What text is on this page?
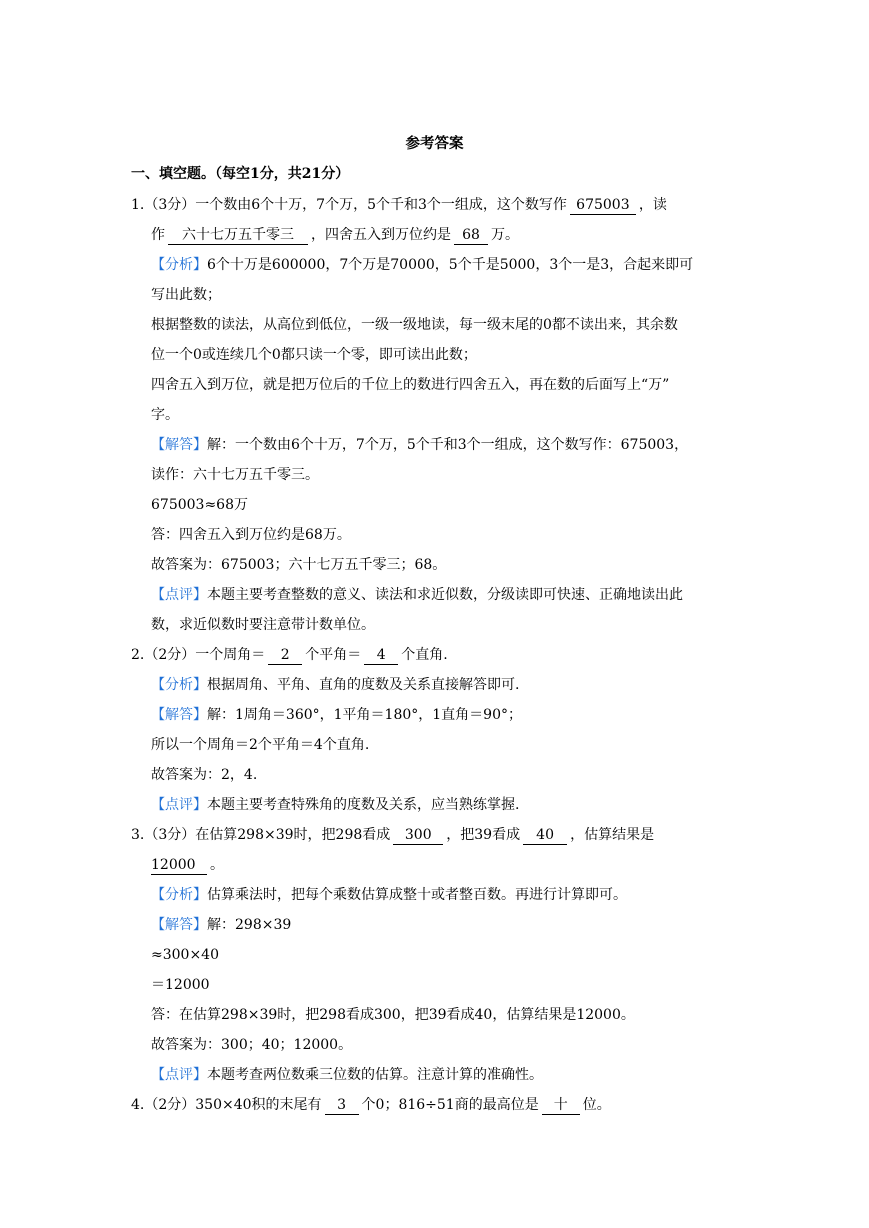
参考答案
一、填空题。（每空1分，共21分）
1.（3分）一个数由6个十万，7个万，5个千和3个一组成，这个数写作 675003 ，读
作 六十七万五千零三 ，四舍五入到万位约是 68 万。
【分析】6个十万是600000，7个万是70000，5个千是5000，3个一是3，合起来即可
写出此数；
根据整数的读法，从高位到低位，一级一级地读，每一级末尾的0都不读出来，其余数
位一个0或连续几个0都只读一个零，即可读出此数；
四舍五入到万位，就是把万位后的千位上的数进行四舍五入，再在数的后面写上“万”
字。
【解答】解：一个数由6个十万，7个万，5个千和3个一组成，这个数写作：675003，
读作：六十七万五千零三。
675003≈68万
答：四舍五入到万位约是68万。
故答案为：675003；六十七万五千零三；68。
【点评】本题主要考查整数的意义、读法和求近似数，分级读即可快速、正确地读出此
数，求近似数时要注意带计数单位。
2.（2分）一个周角＝ 2 个平角＝ 4 个直角.
【分析】根据周角、平角、直角的度数及关系直接解答即可.
【解答】解：1周角＝360°，1平角＝180°，1直角＝90°；
所以一个周角＝2个平角＝4个直角.
故答案为：2，4.
【点评】本题主要考查特殊角的度数及关系，应当熟练掌握.
3.（3分）在估算298×39时，把298看成 300 ，把39看成 40 ，估算结果是
12000 。
【分析】估算乘法时，把每个乘数估算成整十或者整百数。再进行计算即可。
【解答】解：298×39
≈300×40
＝12000
答：在估算298×39时，把298看成300，把39看成40，估算结果是12000。
故答案为：300；40；12000。
【点评】本题考查两位数乘三位数的估算。注意计算的准确性。
4.（2分）350×40积的末尾有 3 个0；816÷51商的最高位是 十 位。
